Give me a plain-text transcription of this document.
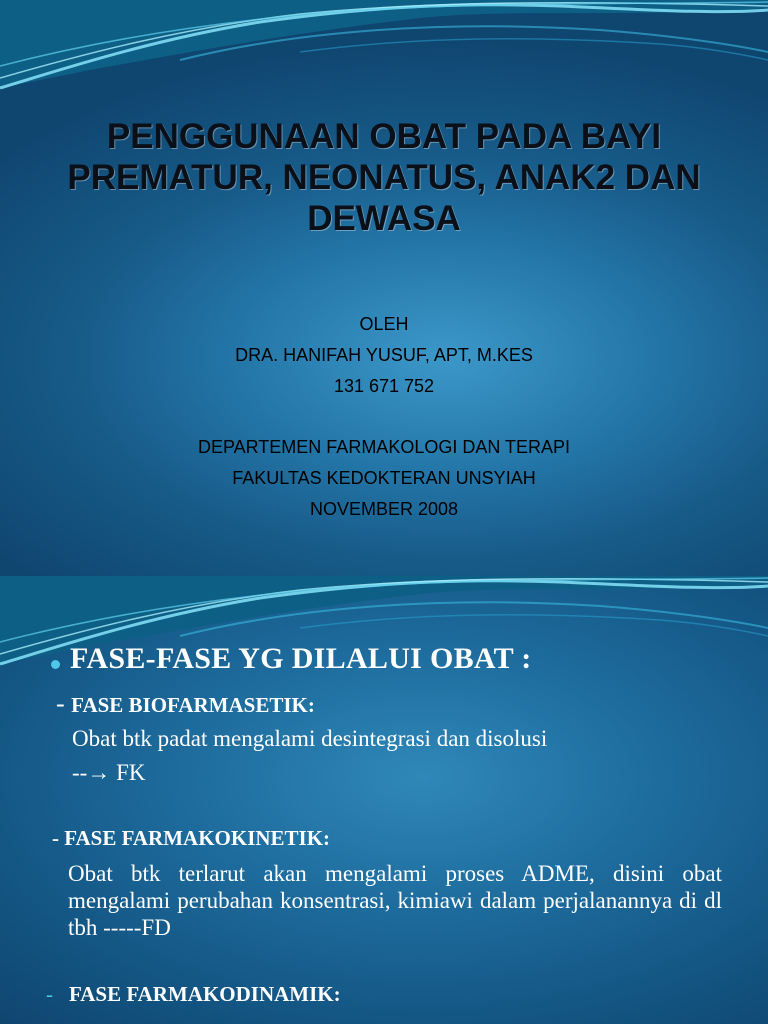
PENGGUNAAN OBAT PADA BAYI
PREMATUR, NEONATUS, ANAK2 DAN
DEWASA
OLEH
DRA. HANIFAH YUSUF, APT, M.KES
131 671 752
DEPARTEMEN FARMAKOLOGI DAN TERAPI
FAKULTAS KEDOKTERAN UNSYIAH
NOVEMBER 2008
FASE-FASE YG DILALUI OBAT :
- FASE BIOFARMASETIK:
Obat btk padat mengalami desintegrasi dan disolusi
--→ FK
- FASE FARMAKOKINETIK:
Obat btk terlarut akan mengalami proses ADME, disini obat mengalami perubahan konsentrasi, kimiawi dalam perjalanannya di dl tbh -----FD
- FASE FARMAKODINAMIK:
